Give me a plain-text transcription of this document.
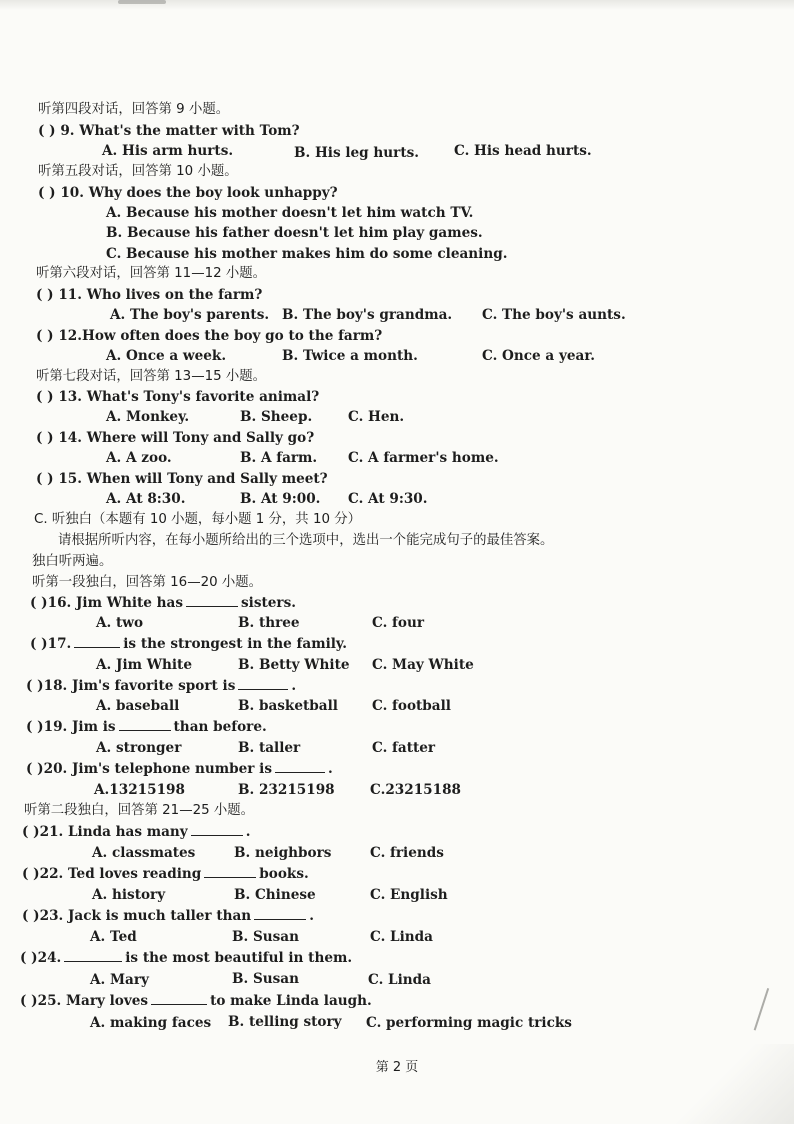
听第四段对话，回答第 9 小题。
( ) 9. What's the matter with Tom?
A. His arm hurts.	B. His leg hurts.	C. His head hurts.
听第五段对话，回答第 10 小题。
( ) 10. Why does the boy look unhappy?
A. Because his mother doesn't let him watch TV.
B. Because his father doesn't let him play games.
C. Because his mother makes him do some cleaning.
听第六段对话，回答第 11—12 小题。
( ) 11. Who lives on the farm?
A. The boy's parents. B. The boy's grandma. C. The boy's aunts.
( ) 12.How often does the boy go to the farm?
A. Once a week.	B. Twice a month.	C. Once a year.
听第七段对话，回答第 13—15 小题。
( ) 13. What's Tony's favorite animal?
A. Monkey.	B. Sheep.	C. Hen.
( ) 14. Where will Tony and Sally go?
A. A zoo.	B. A farm. C. A farmer's home.
( ) 15. When will Tony and Sally meet?
A. At 8:30.	B. At 9:00. C. At 9:30.
C. 听独白（本题有 10 小题，每小题 1 分，共 10 分）
请根据所听内容，在每小题所给出的三个选项中，选出一个能完成句子的最佳答案。
独白听两遍。
听第一段独白，回答第 16—20 小题。
( )16. Jim White has	sisters.
A. two	B. three	C. four
( )17.	is the strongest in the family.
A. Jim White	B. Betty White C. May White
( )18. Jim's favorite sport is	.
A. baseball	B. basketball	C. football
( )19. Jim is	than before.
A. stronger	B. taller	C. fatter
( )20. Jim's telephone number is	.
A.13215198	B. 23215198	C.23215188
听第二段独白，回答第 21—25 小题。
( )21. Linda has many	.
A. classmates	B. neighbors	C. friends
( )22. Ted loves reading	books.
A. history	B. Chinese	C. English
( )23. Jack is much taller than	.
A. Ted	B. Susan	C. Linda
( )24.	is the most beautiful in them.
A. Mary	B. Susan	C. Linda
( )25. Mary loves	to make Linda laugh.
A. making faces B. telling story C. performing magic tricks
第 2 页
